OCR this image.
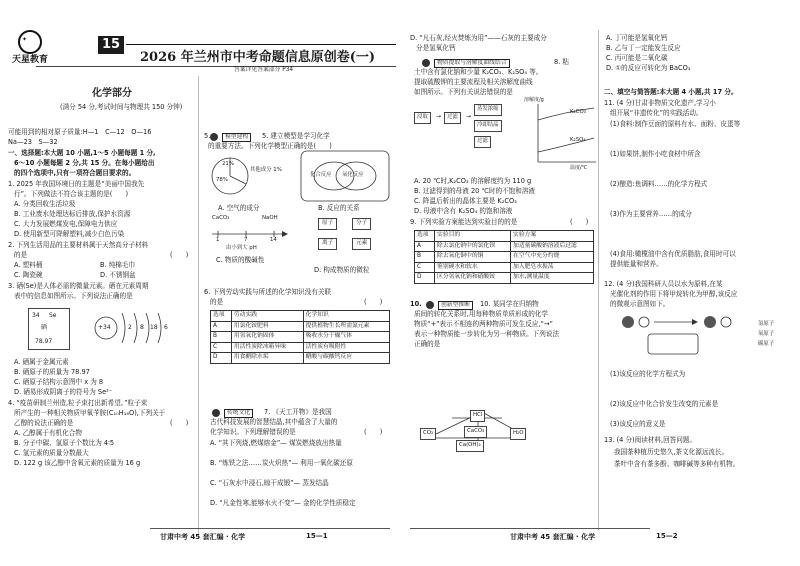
✦
天星教育
15
2026 年兰州市中考命题信息原创卷(一)
答案详见答案部分 P34
化学部分
(满分 54 分,考试时间与物理共 150 分钟)
可能用到的相对原子质量:H—1　C—12　O—16
Na—23　S—32
一、选择题:本大题 10 小题,1～5 小题每题 1 分,
6～10 小题每题 2 分,共 15 分。在每小题给出
的四个选项中,只有一项符合题目要求的。
1. 2025 年我国环境日的主题是“美丽中国我先
行”。下列做法不符合该主题的是(　　)
A. 分类回收生活垃圾
B. 工业废水处理达标后排放,保护水资源
C. 大力发展燃煤发电,保障电力供应
D. 使用新型可降解塑料,减少白色污染
2. 下列生活用品的主要材料属于天然高分子材料
的是	(　　)
A. 塑料桶	B. 纯棉毛巾
C. 陶瓷碗	D. 不锈钢盆
3. 硒(Se)是人体必需的微量元素。硒在元素周期
表中的信息如图所示。下列说法正确的是
34 Se
硒
78.97
+34	2 8 18 6
A. 硒属于金属元素
B. 硒原子的质量为 78.97
C. 硒原子结构示意图中 x 为 8
D. 硒易形成阴离子的符号为 Se²⁻
4. “疫苗研制兰州造,粒子束打出新希望。”粒子束
所产生的一种相关物质甲氧苄胺(C₁₀H₁₆O),下列关于
乙醇的说法正确的是	(　　)
A. 乙醇属于有机化合物
B. 分子中碳、氢原子个数比为 4∶5
C. 氢元素的质量分数最大
D. 122 g 该乙醇中含氧元素的质量为 16 g
5.	模型建构	5. 建立模型是学习化学
的重要方法。下列化学模型正确的是(　　)
21%
78%
其他成分 1%
化合反应 氧化反应
A. 空气的成分	B. 反应的关系
CaCO₃	NaOH
1	7	14
由小到大 pH
原子	分子
离子	元素
C. 物质的酸碱性
D. 构成物质的微粒
6. 下列劳动实践与所述的化学知识没有关联
的是	(　　)
选项	劳动实践	化学知识
A	用氯化铵肥料	提供植物生长所需氮元素
B	用氢氧化钠固体	吸收水分干燥气体
C	用活性炭除冰箱异味	活性炭有吸附性
D	用食醋除水垢	醋酸与碳酸钙反应
传统文化	7. 《天工开物》是我国
古代科技发展的智慧结晶,其中蕴含了大量的
化学知识。下列理解错误的是	(　　)
A. “其下列烧,燃煤熔金”— 煤炭燃烧放出热量
B. “炼铁之法……炭火炽热”— 利用一氧化碳还原
C. “石灰水中浸石,晾干成锻”— 蒸发结晶
D. “凡金性寒,能够水火不变”— 金的化学性质稳定
甘肃中考 45 套汇编 · 化学	15—1
D. “凡石灰,经火焚炼为用”——石灰的主要成分
分是氢氧化钙
物质提取与溶解度曲线结合	8. 粘
土中含有氯化钠和少量 K₂CO₃、K₂SO₄ 等。
提取硫酸钾的主要流程及相关溶解度曲线
如图所示。下列有关说法错误的是
浸取	→	过滤	→
蒸发浓缩
冷却结晶
过滤
K₂CO₃
K₂SO₄
溶解度/g
温度/℃
A. 20 ℃时,K₂CO₃ 的溶解度约为 110 g
B. 过滤得到的母液 20 ℃时的不饱和溶液
C. 降温后析出的晶体主要是 K₂CO₃
D. 母液中含有 K₂SO₄ 的饱和溶液
9. 下列实验方案能达到实验目的的是	(　　)
选项	实验目的	实验方案
A	除去氯化钠中的氯化钡	加适量碳酸钠溶液后过滤
B	除去氧化铜中的铜	在空气中充分灼烧
C	鉴别硬水和软水	加入肥皂水振荡
D	区分氢氧化钠和硝酸铵	加水,测量温度
10.	创新型推断	10. 某同学在归纳物
质间的转化关系时,用每种物质单质形成的化学
物质“+”表示不相连的两种物质可发生反应,“→”
表示一种物质能一步转化为另一种物质。下列说法
正确的是
HCl
CO₂	H₂O
Ca(OH)₂
CaCO₃
A. 丁可能是氢氧化钙
B. 乙与丁一定能发生反应
C. 丙可能是二氧化碳
D. ①的反应可转化为 BaCO₃
二、填空与简答题:本大题 4 小题,共 17 分。
11. (4 分)甘肃非物质文化遗产,学习小
组开展“非遗传化”的实践活动。
(1)食料:制作豆面的原料有水、面粉、皮蛋等
(1)如果饼,制作小吃食材中所含
(2)酿造:鱼调料……的化学方程式
(3)作为主要营养……的成分
(4)食用:橄榄油中含有优质脂肪,食用时可以
提供能量和营养。
12. (4 分)我国科研人员以水为原料,在某
光催化剂的作用下将甲烷转化为甲醇,该反应
的微观示意图如下。
氢原子
氧原子
碳原子
(1)该反应的化学方程式为
(2)该反应中化合价发生改变的元素是
(3)该反应的意义是
13. (4 分)阅读材料,回答问题。
我国茶种植历史悠久,茶文化源远流长。
茶叶中含有茶多酚、咖啡碱等多种有机物。
甘肃中考 45 套汇编 · 化学	15—2
